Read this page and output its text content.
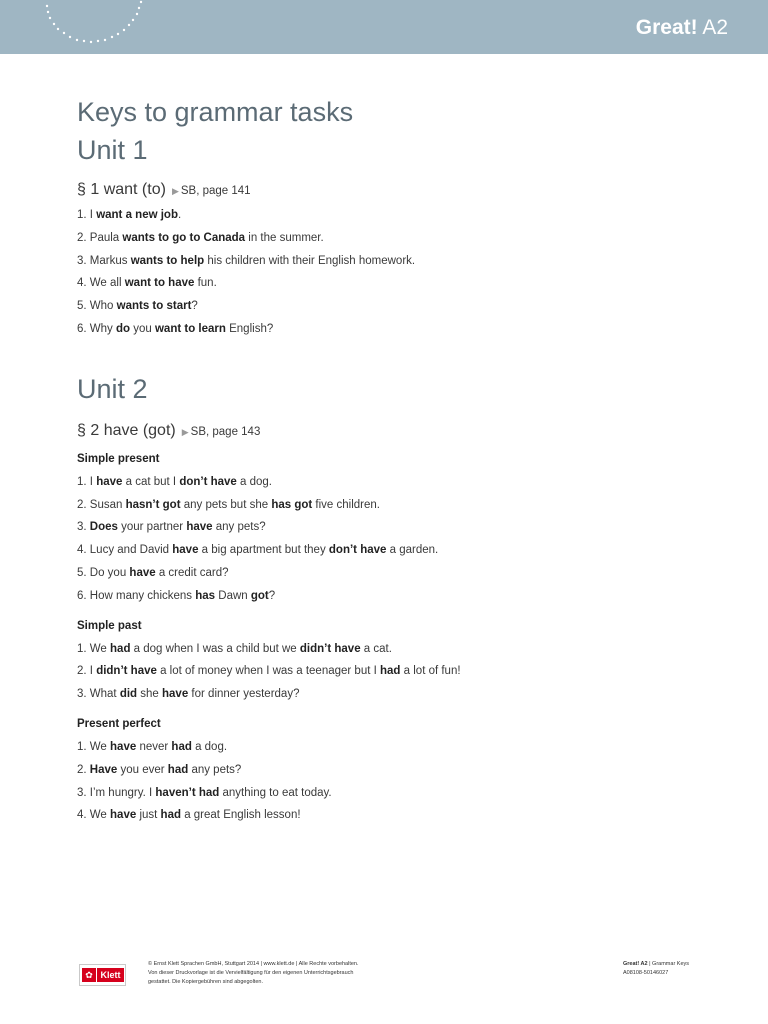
Great! A2
Keys to grammar tasks
Unit 1
§ 1 want (to) ▶ SB, page 141
1. I want a new job.
2. Paula wants to go to Canada in the summer.
3. Markus wants to help his children with their English homework.
4. We all want to have fun.
5. Who wants to start?
6. Why do you want to learn English?
Unit 2
§ 2 have (got) ▶ SB, page 143
Simple present
1. I have a cat but I don’t have a dog.
2. Susan hasn’t got any pets but she has got five children.
3. Does your partner have any pets?
4. Lucy and David have a big apartment but they don’t have a garden.
5. Do you have a credit card?
6. How many chickens has Dawn got?
Simple past
1. We had a dog when I was a child but we didn’t have a cat.
2. I didn’t have a lot of money when I was a teenager but I had a lot of fun!
3. What did she have for dinner yesterday?
Present perfect
1. We have never had a dog.
2. Have you ever had any pets?
3. I’m hungry. I haven’t had anything to eat today.
4. We have just had a great English lesson!
✿ Klett
© Ernst Klett Sprachen GmbH, Stuttgart 2014 | www.klett.de | Alle Rechte vorbehalten.
Von dieser Druckvorlage ist die Vervielfältigung für den eigenen Unterrichtsgebrauch
gestattet. Die Kopiergebühren sind abgegolten.
Great! A2 | Grammar Keys
A08108-50146027
